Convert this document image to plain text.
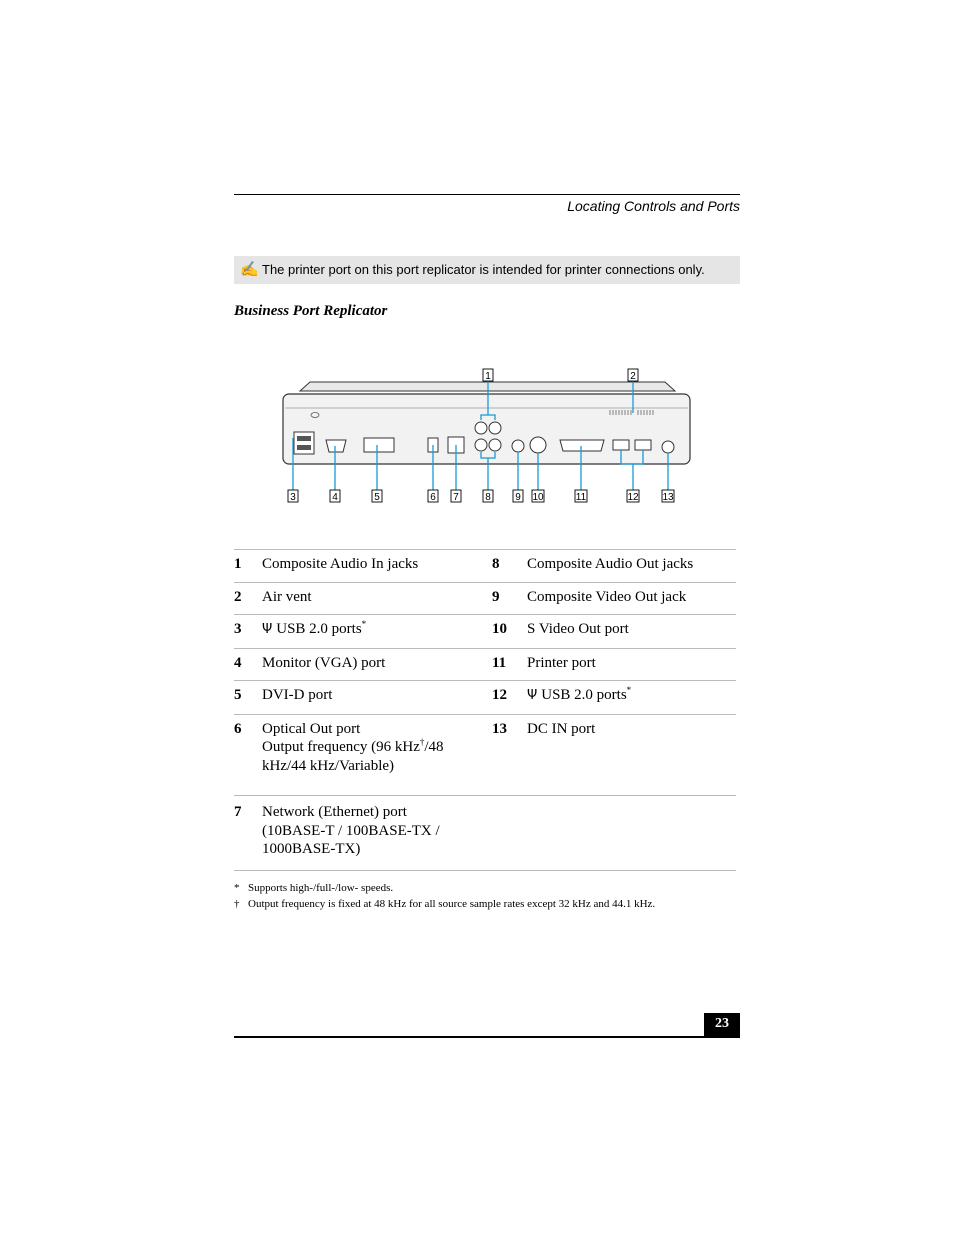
Locating Controls and Ports
✍ The printer port on this port replicator is intended for printer connections only.
Business Port Replicator
1	2
3	4	5	6 7	8 9 10	11	12 13
1	Composite Audio In jacks	8	Composite Audio Out jacks
2	Air vent	9	Composite Video Out jack
3	Ψ USB 2.0 ports*	10	S Video Out port
4	Monitor (VGA) port	11	Printer port
5	DVI-D port	12	Ψ USB 2.0 ports*
6	Optical Out port
Output frequency (96 kHz†/48
kHz/44 kHz/Variable)
13	DC IN port
7	Network (Ethernet) port
(10BASE-T / 100BASE-TX /
1000BASE-TX)
* Supports high-/full-/low- speeds.
† Output frequency is fixed at 48 kHz for all source sample rates except 32 kHz and 44.1 kHz.
23
